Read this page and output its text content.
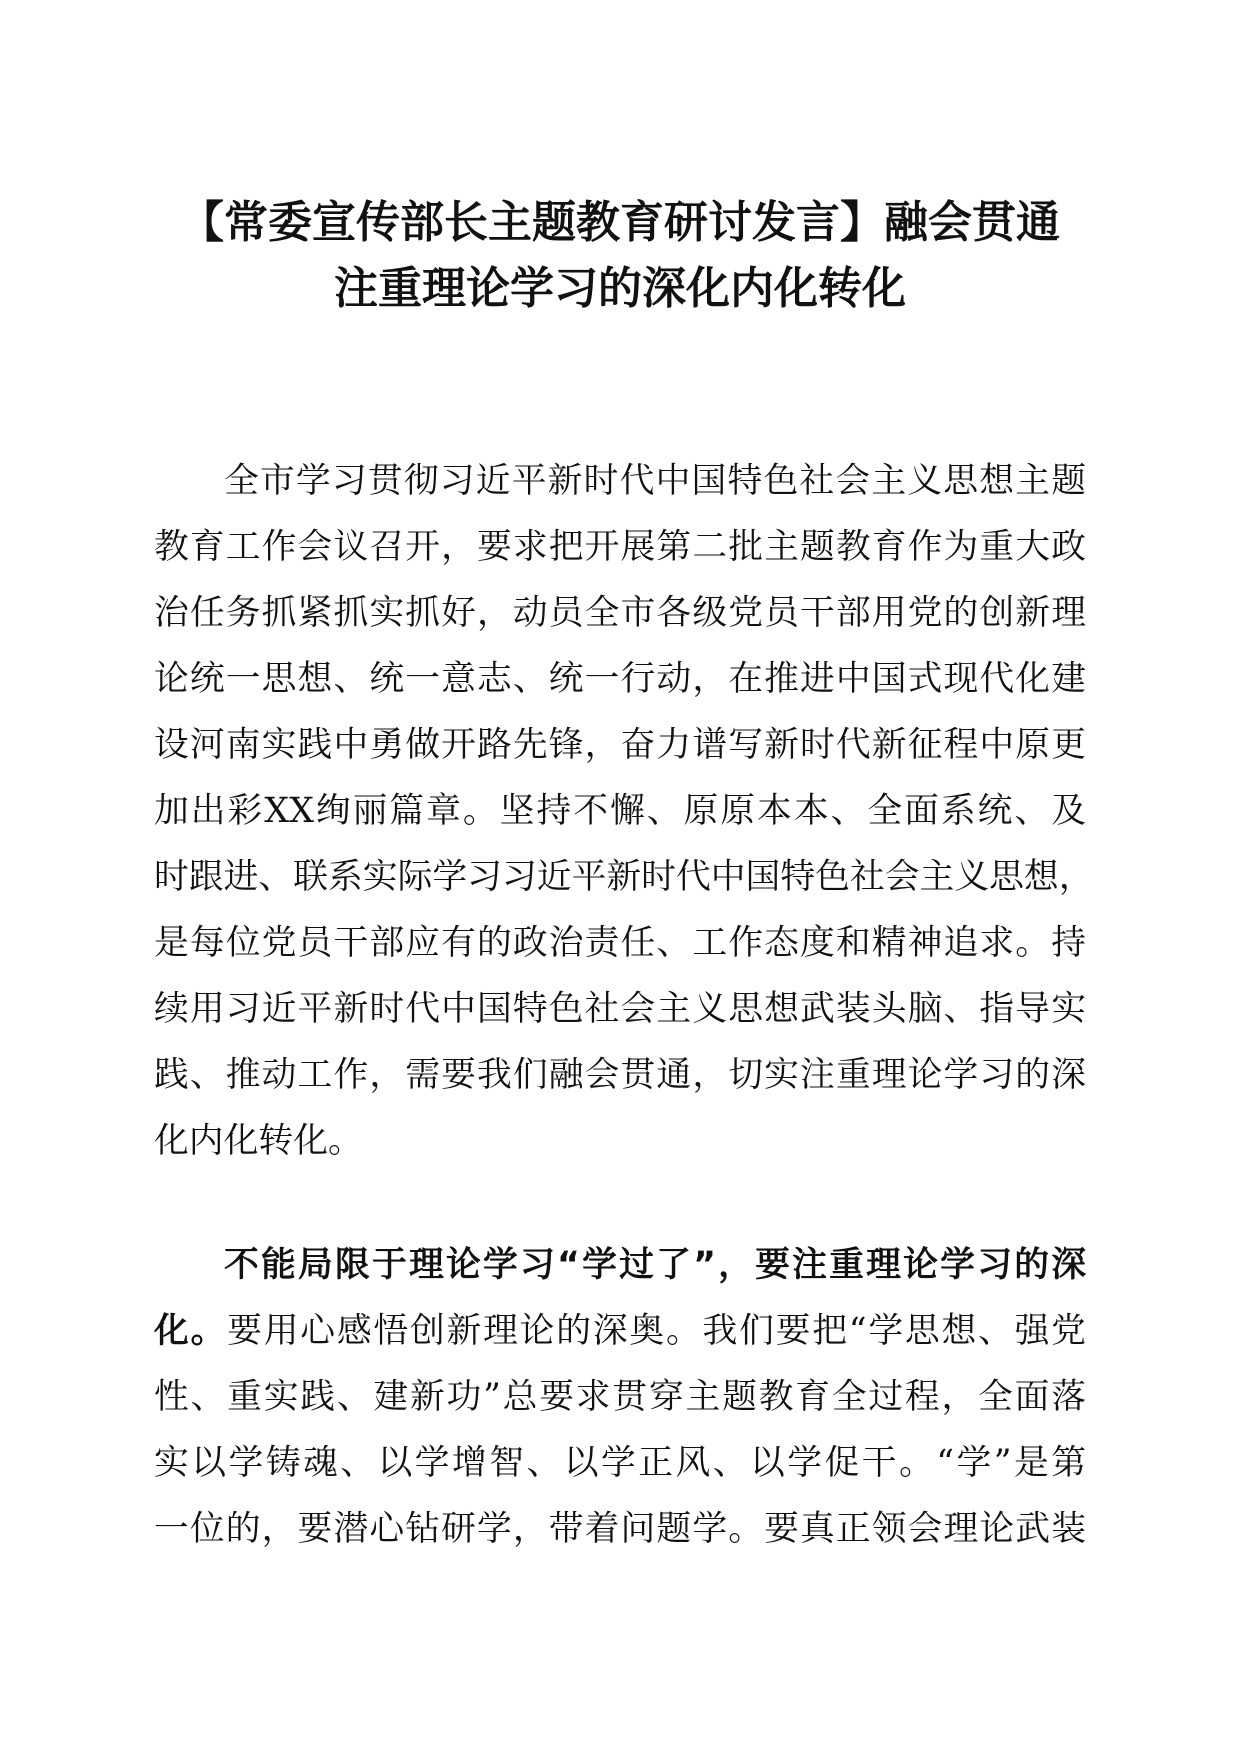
【常委宣传部长主题教育研讨发言】融会贯通
注重理论学习的深化内化转化
全市学习贯彻习近平新时代中国特色社会主义思想主题
教育工作会议召开，要求把开展第二批主题教育作为重大政
治任务抓紧抓实抓好，动员全市各级党员干部用党的创新理
论统一思想、统一意志、统一行动，在推进中国式现代化建
设河南实践中勇做开路先锋，奋力谱写新时代新征程中原更
加出彩XX绚丽篇章。坚持不懈、原原本本、全面系统、及
时跟进、联系实际学习习近平新时代中国特色社会主义思想，
是每位党员干部应有的政治责任、工作态度和精神追求。持
续用习近平新时代中国特色社会主义思想武装头脑、指导实
践、推动工作，需要我们融会贯通，切实注重理论学习的深
化内化转化。
不能局限于理论学习“学过了”，要注重理论学习的深
化。要用心感悟创新理论的深奥。我们要把“学思想、强党
性、重实践、建新功”总要求贯穿主题教育全过程，全面落
实以学铸魂、以学增智、以学正风、以学促干。“学”是第
一位的，要潜心钻研学，带着问题学。要真正领会理论武装
